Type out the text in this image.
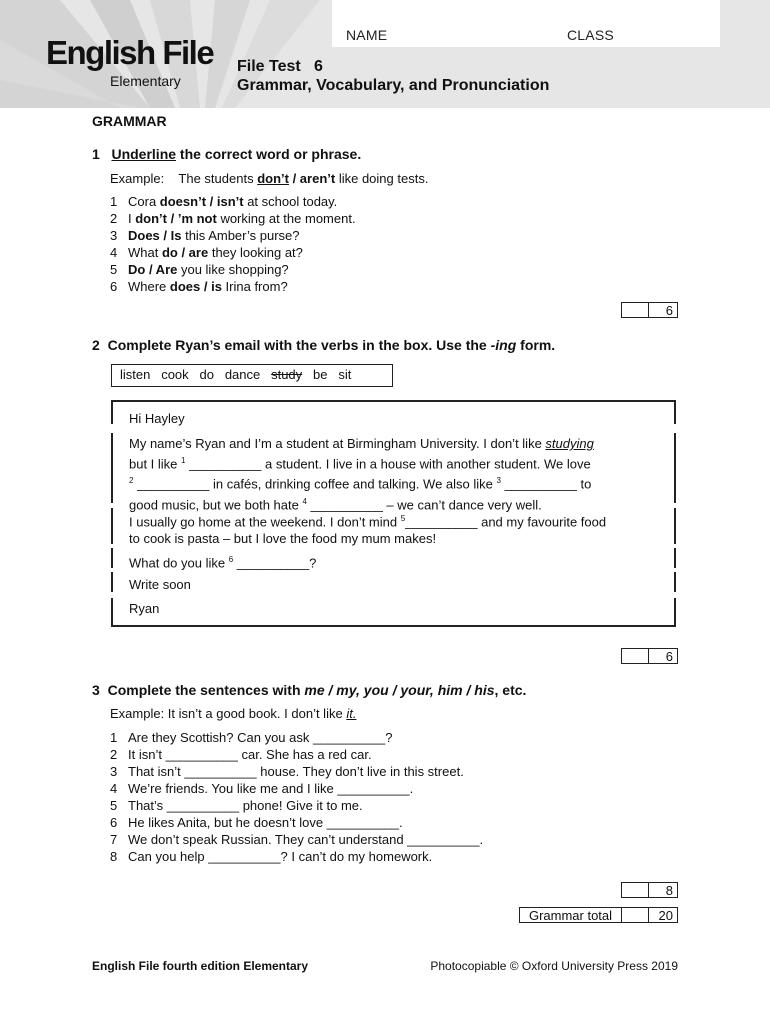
NAME	CLASS
English File
Elementary
File Test   6
Grammar, Vocabulary, and Pronunciation
GRAMMAR
1 Underline the correct word or phrase.
Example: The students don’t / aren’t like doing tests.
1 Cora doesn’t / isn’t at school today.
2 I don’t / ’m not working at the moment.
3 Does / Is this Amber’s purse?
4 What do / are they looking at?
5 Do / Are you like shopping?
6 Where does / is Irina from?
6
2 Complete Ryan’s email with the verbs in the box. Use the -ing form.
listen cook do dance study be sit
Hi Hayley
My name’s Ryan and I’m a student at Birmingham University. I don’t like studying
but I like $^1$ __________ a student. I live in a house with another student. We love
$^2$ __________ in cafés, drinking coffee and talking. We also like $^3$ __________ to
good music, but we both hate $^4$ __________ – we can’t dance very well.
I usually go home at the weekend. I don’t mind $^5$__________ and my favourite food
to cook is pasta – but I love the food my mum makes!
What do you like $^6$ __________?
Write soon
Ryan
6
3 Complete the sentences with me / my, you / your, him / his, etc.
Example: It isn’t a good book. I don’t like it.
1 Are they Scottish? Can you ask __________?
2 It isn’t __________ car. She has a red car.
3 That isn’t __________ house. They don’t live in this street.
4 We’re friends. You like me and I like __________.
5 That’s __________ phone! Give it to me.
6 He likes Anita, but he doesn’t love __________.
7 We don’t speak Russian. They can’t understand __________.
8 Can you help __________? I can’t do my homework.
8
Grammar total	20
English File fourth edition Elementary	Photocopiable © Oxford University Press 2019
